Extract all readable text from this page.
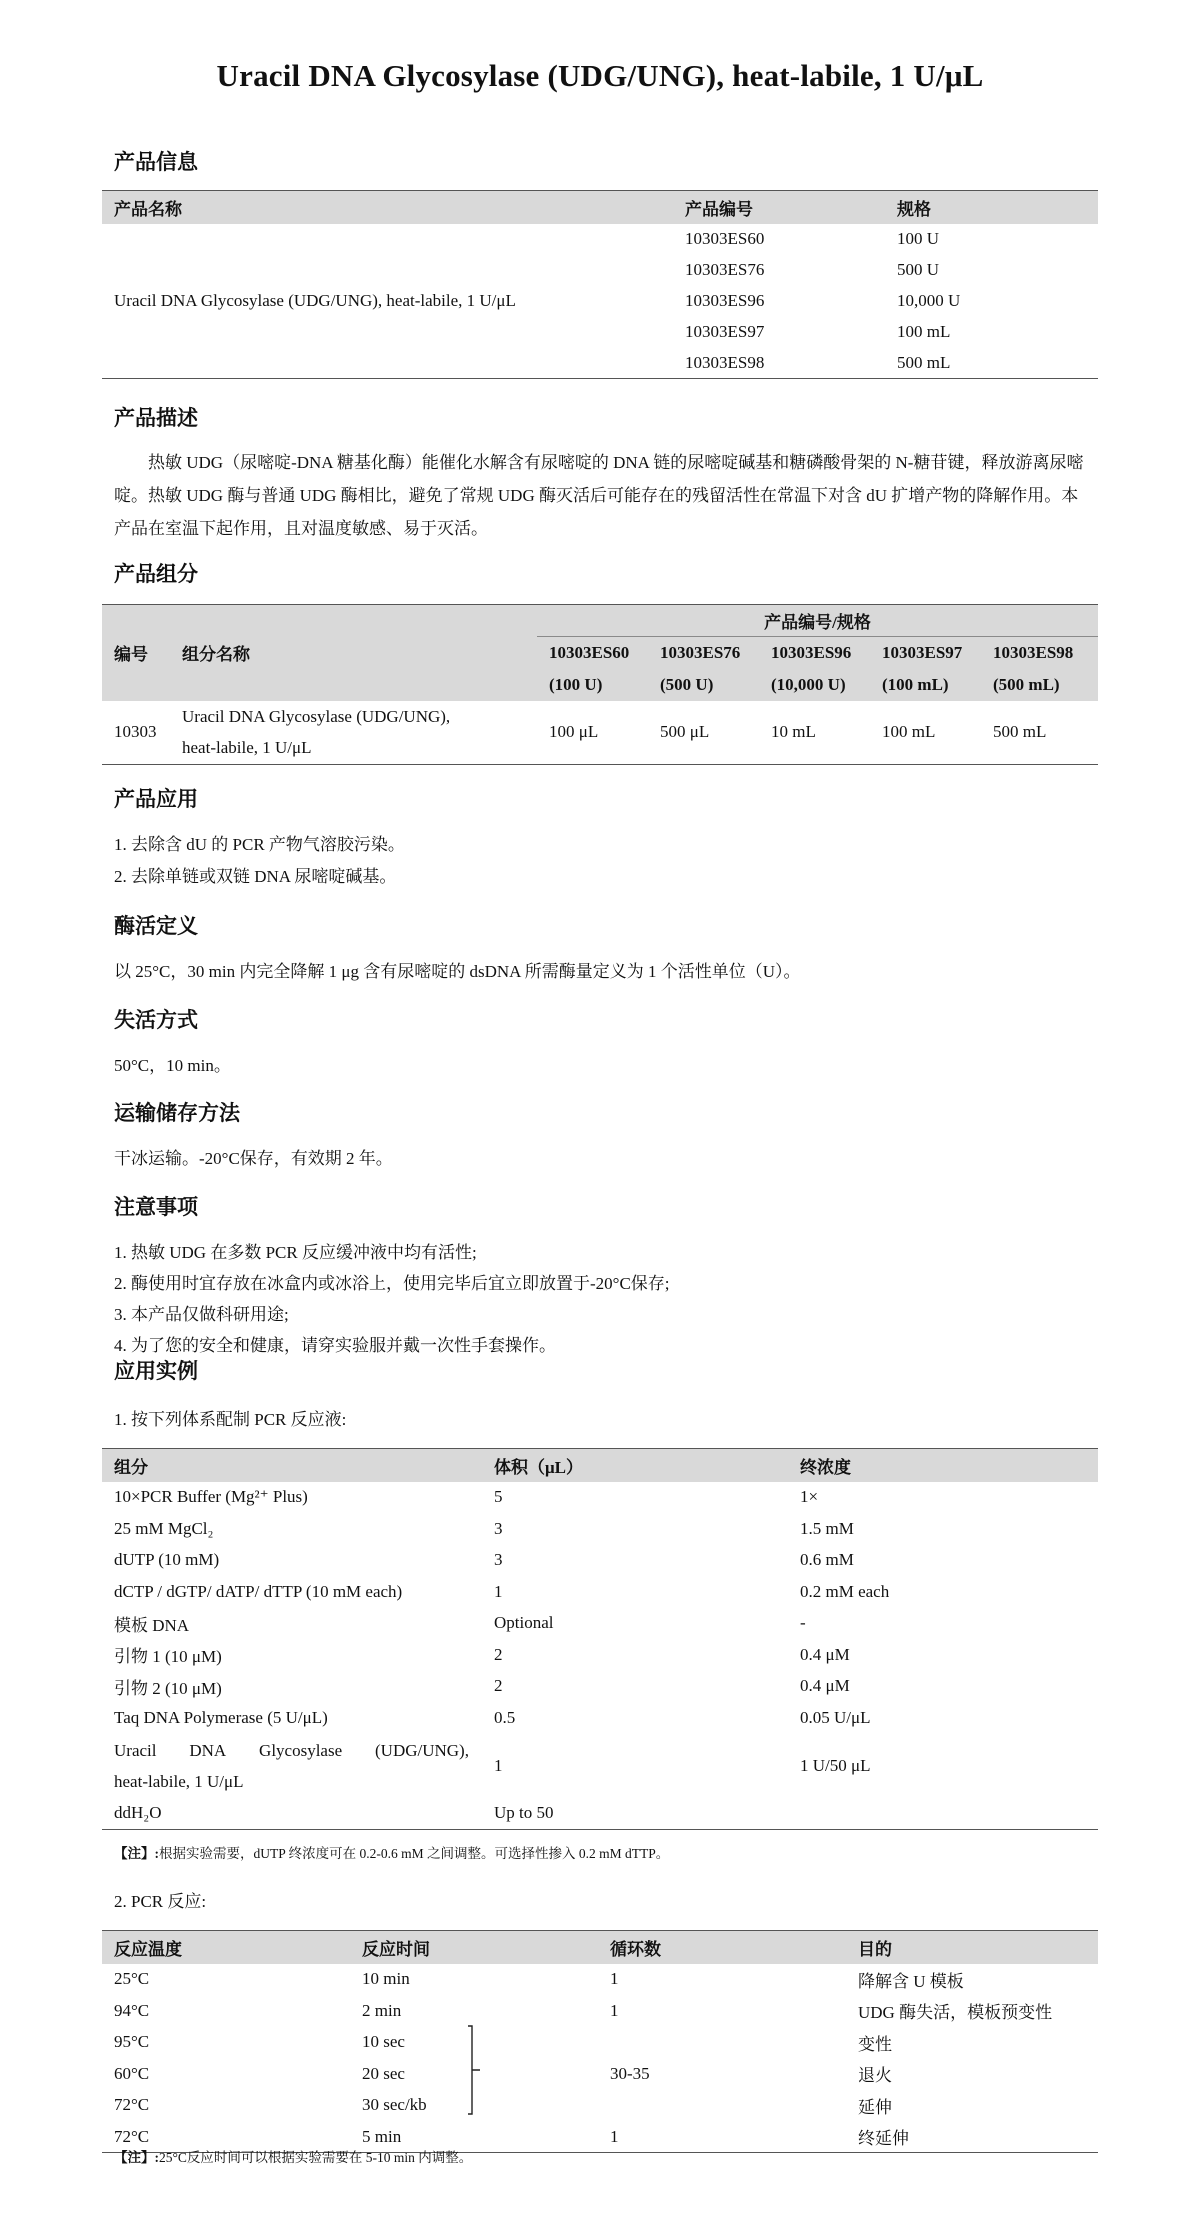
Uracil DNA Glycosylase (UDG/UNG), heat-labile, 1 U/μL
产品信息
产品名称	产品编号	规格
Uracil DNA Glycosylase (UDG/UNG), heat-labile, 1 U/μL	10303ES60	100 U
	10303ES76	500 U
	10303ES96	10,000 U
	10303ES97	100 mL
	10303ES98	500 mL
产品描述
热敏 UDG（尿嘧啶-DNA 糖基化酶）能催化水解含有尿嘧啶的 DNA 链的尿嘧啶碱基和糖磷酸骨架的 N-糖苷键，释放游离尿嘧啶。热敏 UDG 酶与普通 UDG 酶相比，避免了常规 UDG 酶灭活后可能存在的残留活性在常温下对含 dU 扩增产物的降解作用。本产品在室温下起作用，且对温度敏感、易于灭活。
产品组分
编号	组分名称	产品编号/规格				
		10303ES60	10303ES76	10303ES96	10303ES97	10303ES98
		(100 U)	(500 U)	(10,000 U)	(100 mL)	(500 mL)
10303	Uracil DNA Glycosylase (UDG/UNG),
heat-labile, 1 U/μL	100 μL	500 μL	10 mL	100 mL	500 mL
产品应用
1. 去除含 dU 的 PCR 产物气溶胶污染。
2. 去除单链或双链 DNA 尿嘧啶碱基。
酶活定义
以 25°C，30 min 内完全降解 1 μg 含有尿嘧啶的 dsDNA 所需酶量定义为 1 个活性单位（U）。
失活方式
50°C，10 min。
运输储存方法
干冰运输。-20°C保存，有效期 2 年。
注意事项
1. 热敏 UDG 在多数 PCR 反应缓冲液中均有活性;
2. 酶使用时宜存放在冰盒内或冰浴上，使用完毕后宜立即放置于-20°C保存;
3. 本产品仅做科研用途;
4. 为了您的安全和健康，请穿实验服并戴一次性手套操作。
应用实例
1. 按下列体系配制 PCR 反应液:
组分	体积（μL）	终浓度
10×PCR Buffer (Mg²⁺ Plus)	5	1×
25 mM MgCl₂	3	1.5 mM
dUTP (10 mM)	3	0.6 mM
dCTP / dGTP/ dATP/ dTTP (10 mM each)	1	0.2 mM each
模板 DNA	Optional	-
引物 1 (10 μM)	2	0.4 μM
引物 2 (10 μM)	2	0.4 μM
Taq DNA Polymerase (5 U/μL)	0.5	0.05 U/μL

Uracil DNA Glycosylase (UDG/UNG),
heat-labile, 1 U/μL	1	1 U/50 μL
ddH₂O	Up to 50	
【注】:根据实验需要，dUTP 终浓度可在 0.2-0.6 mM 之间调整。可选择性掺入 0.2 mM dTTP。
2. PCR 反应:
反应温度	反应时间	循环数	目的
25°C	10 min	1	降解含 U 模板
94°C	2 min	1	UDG 酶失活，模板预变性
95°C	10 sec		变性
60°C	20 sec	30-35	退火
72°C	30 sec/kb		延伸
72°C	5 min	1	终延伸
【注】:25°C反应时间可以根据实验需要在 5-10 min 内调整。
